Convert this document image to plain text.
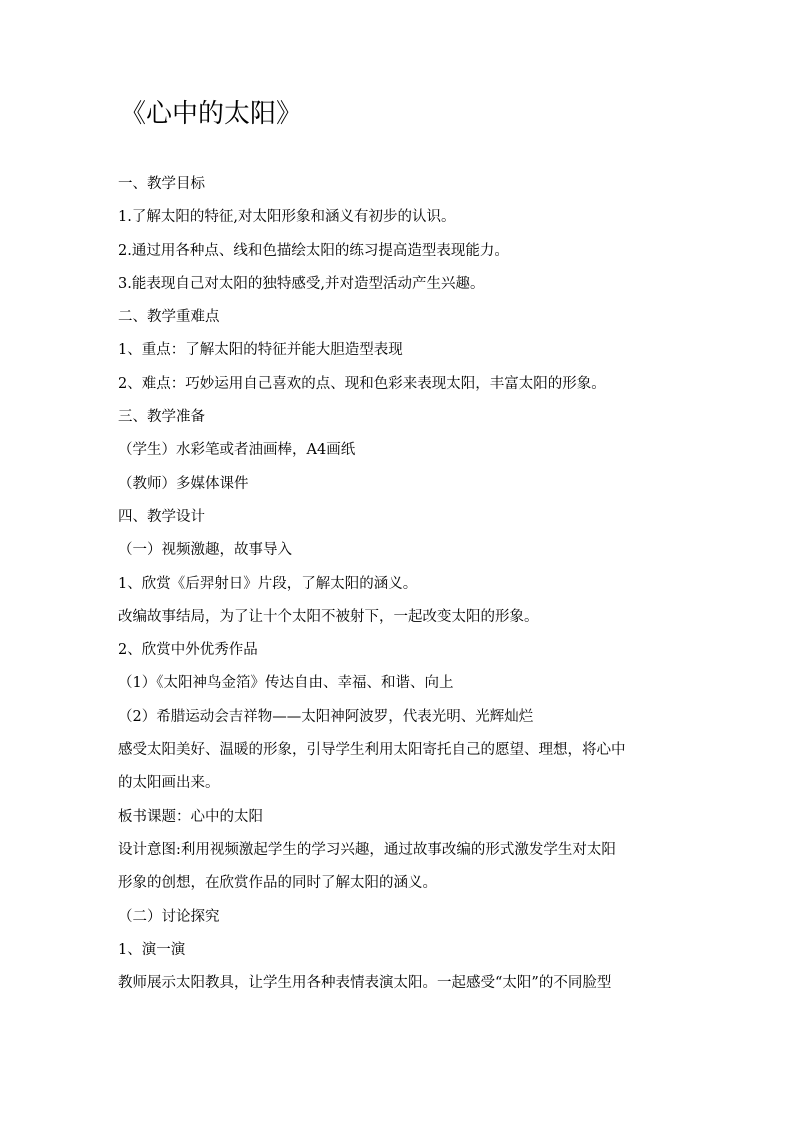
《心中的太阳》
一、教学目标
1.了解太阳的特征,对太阳形象和涵义有初步的认识。
2.通过用各种点、线和色描绘太阳的练习提高造型表现能力。
3.能表现自己对太阳的独特感受,并对造型活动产生兴趣。
二、教学重难点
1、重点：了解太阳的特征并能大胆造型表现
2、难点：巧妙运用自己喜欢的点、现和色彩来表现太阳，丰富太阳的形象。
三、教学准备
（学生）水彩笔或者油画棒，A4画纸
（教师）多媒体课件
四、教学设计
（一）视频激趣，故事导入
1、欣赏《后羿射日》片段，了解太阳的涵义。
改编故事结局，为了让十个太阳不被射下，一起改变太阳的形象。
2、欣赏中外优秀作品
（1）《太阳神鸟金箔》传达自由、幸福、和谐、向上
（2）希腊运动会吉祥物——太阳神阿波罗，代表光明、光辉灿烂
感受太阳美好、温暖的形象，引导学生利用太阳寄托自己的愿望、理想，将心中
的太阳画出来。
板书课题：心中的太阳
设计意图:利用视频激起学生的学习兴趣，通过故事改编的形式激发学生对太阳
形象的创想，在欣赏作品的同时了解太阳的涵义。
（二）讨论探究
1、演一演
教师展示太阳教具，让学生用各种表情表演太阳。一起感受“太阳”的不同脸型
